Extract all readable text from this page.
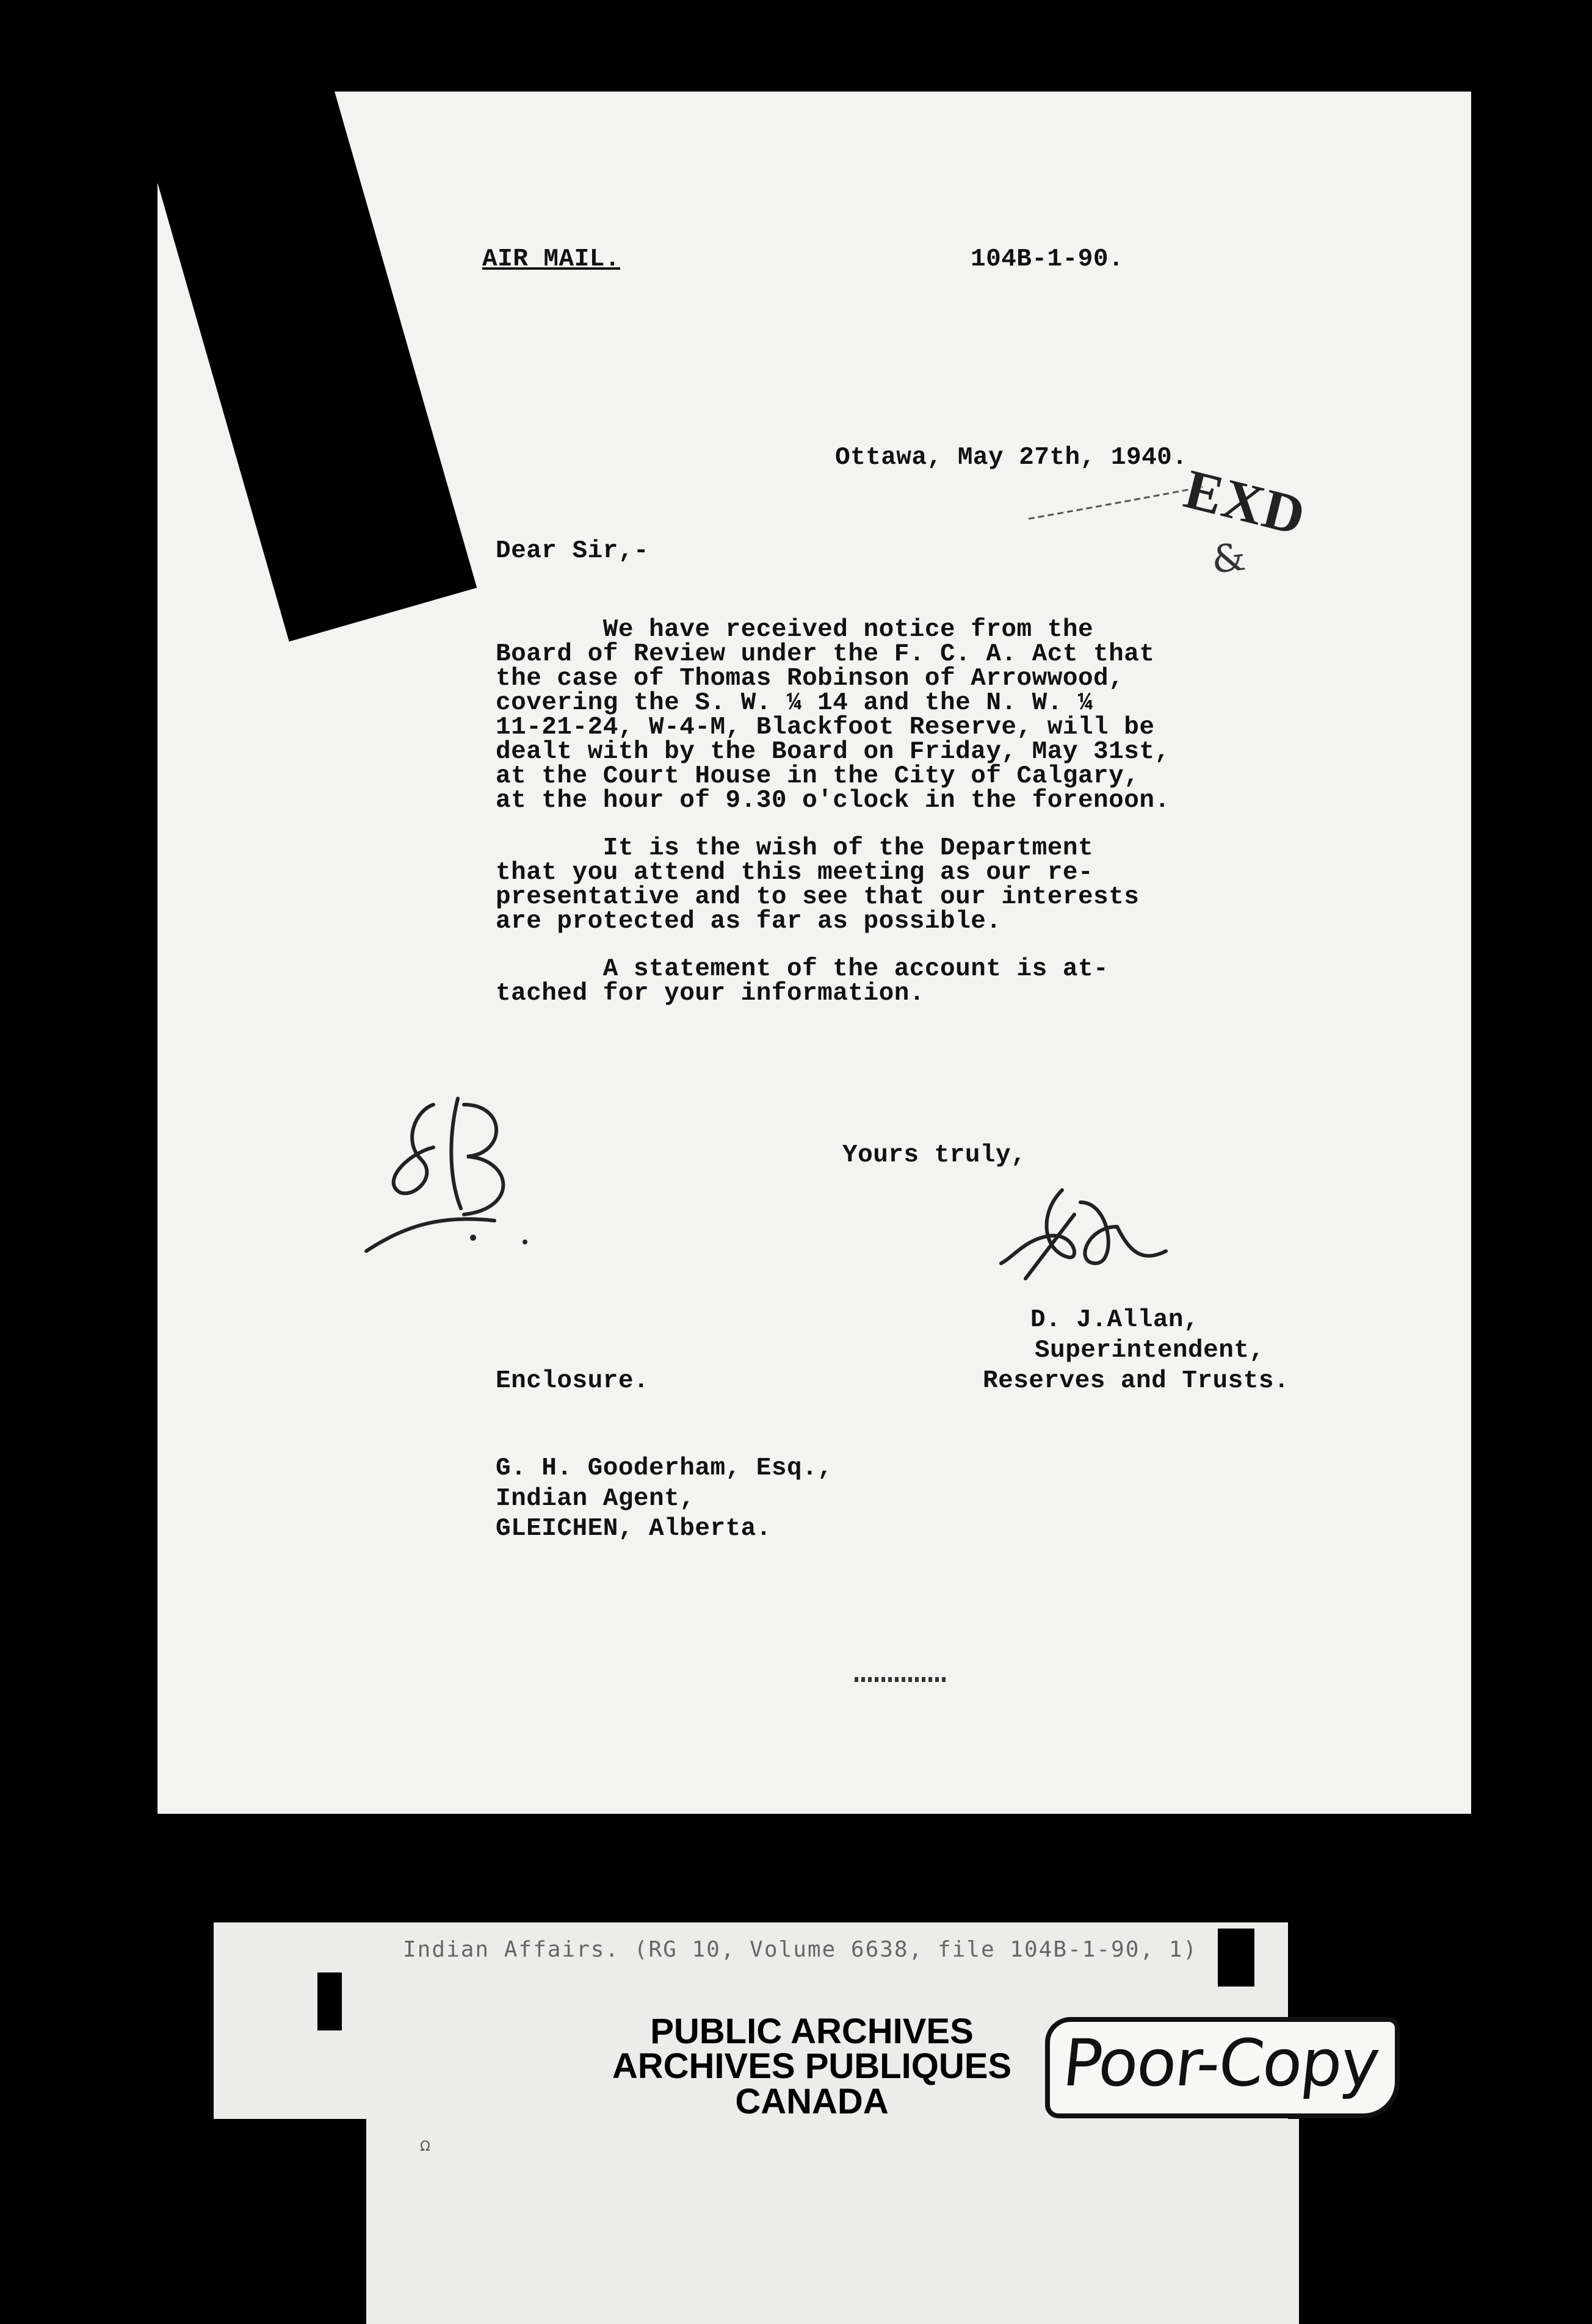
AIR MAIL.	104B-1-90.
Ottawa, May 27th, 1940.
EXD
&
Dear Sir,-

We have received notice from the
Board of Review under the F. C. A. Act that
the case of Thomas Robinson of Arrowwood,
covering the S. W. ¼ 14 and the N. W. ¼
11-21-24, W-4-M, Blackfoot Reserve, will be
dealt with by the Board on Friday, May 31st,
at the Court House in the City of Calgary,
at the hour of 9.30 o'clock in the forenoon.

It is the wish of the Department
that you attend this meeting as our re-
presentative and to see that our interests
are protected as far as possible.

A statement of the account is at-
tached for your information.

Yours truly,
D. J.Allan,
Superintendent,
Reserves and Trusts.
Enclosure.
G. H. Gooderham, Esq.,
Indian Agent,
GLEICHEN, Alberta.
Indian Affairs. (RG 10, Volume 6638, file 104B-1-90, 1)
PUBLIC ARCHIVES
ARCHIVES PUBLIQUES
CANADA
Poor-Copy
Ω
